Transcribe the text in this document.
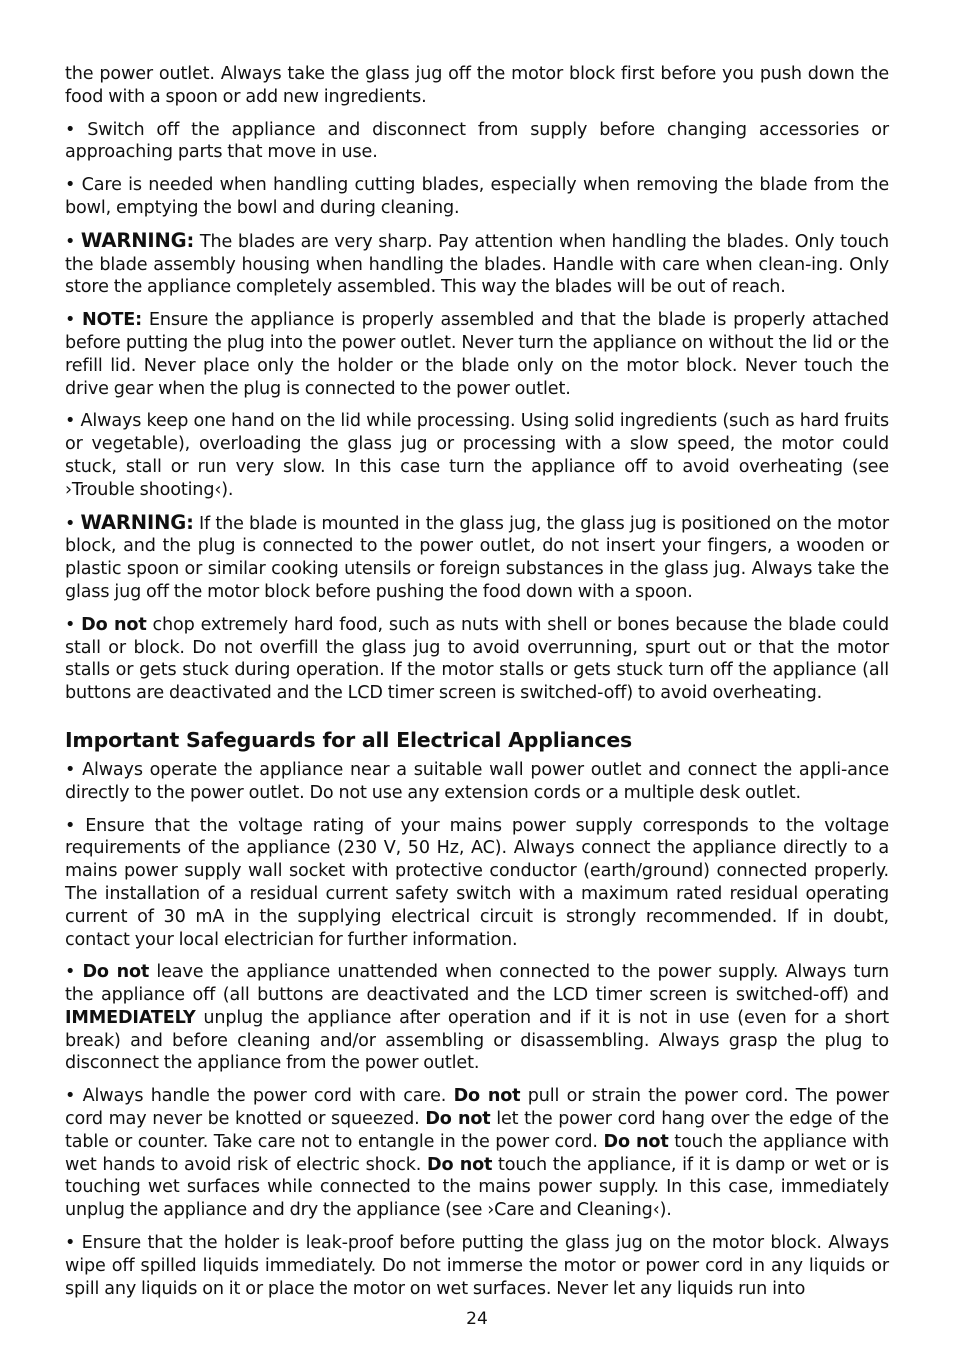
the power outlet. Always take the glass jug off the motor block first before you push down the food with a spoon or add new ingredients.

• Switch off the appliance and disconnect from supply before changing accessories or approaching parts that move in use.

• Care is needed when handling cutting blades, especially when removing the blade from the bowl, emptying the bowl and during cleaning.

• WARNING: The blades are very sharp. Pay attention when handling the blades. Only touch the blade assembly housing when handling the blades. Handle with care when clean-ing. Only store the appliance completely assembled. This way the blades will be out of reach.

• NOTE: Ensure the appliance is properly assembled and that the blade is properly attached before putting the plug into the power outlet. Never turn the appliance on without the lid or the refill lid. Never place only the holder or the blade only on the motor block. Never touch the drive gear when the plug is connected to the power outlet.

• Always keep one hand on the lid while processing. Using solid ingredients (such as hard fruits or vegetable), overloading the glass jug or processing with a slow speed, the motor could stuck, stall or run very slow. In this case turn the appliance off to avoid overheating (see ›Trouble shooting‹).

• WARNING: If the blade is mounted in the glass jug, the glass jug is positioned on the motor block, and the plug is connected to the power outlet, do not insert your fingers, a wooden or plastic spoon or similar cooking utensils or foreign substances in the glass jug. Always take the glass jug off the motor block before pushing the food down with a spoon.

• Do not chop extremely hard food, such as nuts with shell or bones because the blade could stall or block. Do not overfill the glass jug to avoid overrunning, spurt out or that the motor stalls or gets stuck during operation. If the motor stalls or gets stuck turn off the appliance (all buttons are deactivated and the LCD timer screen is switched-off) to avoid overheating.

Important Safeguards for all Electrical Appliances

• Always operate the appliance near a suitable wall power outlet and connect the appli-ance directly to the power outlet. Do not use any extension cords or a multiple desk outlet.

• Ensure that the voltage rating of your mains power supply corresponds to the voltage requirements of the appliance (230 V, 50 Hz, AC). Always connect the appliance directly to a mains power supply wall socket with protective conductor (earth/ground) connected properly. The installation of a residual current safety switch with a maximum rated residual operating current of 30 mA in the supplying electrical circuit is strongly recommended. If in doubt, contact your local electrician for further information.

• Do not leave the appliance unattended when connected to the power supply. Always turn the appliance off (all buttons are deactivated and the LCD timer screen is switched-off) and IMMEDIATELY unplug the appliance after operation and if it is not in use (even for a short break) and before cleaning and/or assembling or disassembling. Always grasp the plug to disconnect the appliance from the power outlet.

• Always handle the power cord with care. Do not pull or strain the power cord. The power cord may never be knotted or squeezed. Do not let the power cord hang over the edge of the table or counter. Take care not to entangle in the power cord. Do not touch the appliance with wet hands to avoid risk of electric shock. Do not touch the appliance, if it is damp or wet or is touching wet surfaces while connected to the mains power supply. In this case, immediately unplug the appliance and dry the appliance (see ›Care and Cleaning‹).

• Ensure that the holder is leak-proof before putting the glass jug on the motor block. Always wipe off spilled liquids immediately. Do not immerse the motor or power cord in any liquids or spill any liquids on it or place the motor on wet surfaces. Never let any liquids run into

24
